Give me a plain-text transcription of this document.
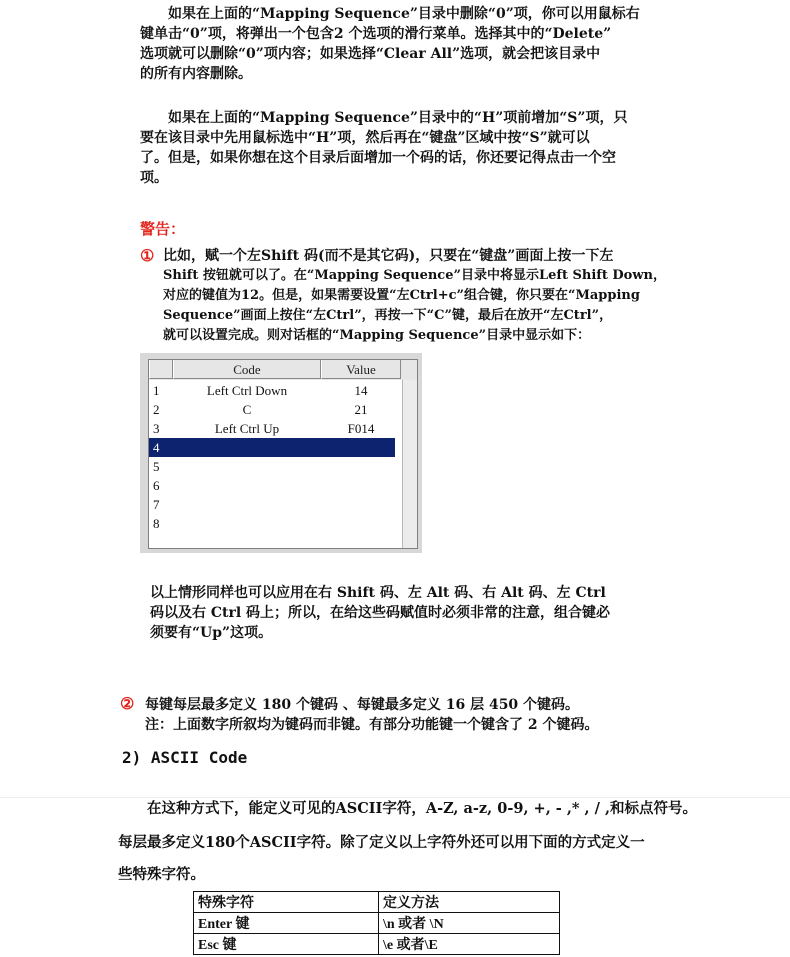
　　如果在上面的“Mapping Sequence”目录中删除“0”项，你可以用鼠标右

键单击“0”项，将弹出一个包含2 个选项的滑行菜单。选择其中的“Delete”

选项就可以删除“0”项内容；如果选择“Clear All”选项，就会把该目录中

的所有内容删除。

　　如果在上面的“Mapping Sequence”目录中的“H”项前增加“S”项，只

要在该目录中先用鼠标选中“H”项，然后再在“键盘”区域中按“S”就可以

了。但是，如果你想在这个目录后面增加一个码的话，你还要记得点击一个空

项。

警告：

① 比如，赋一个左Shift 码(而不是其它码)，只要在“键盘”画面上按一下左

Shift 按钮就可以了。在“Mapping Sequence”目录中将显示Left Shift Down，

对应的键值为12。但是，如果需要设置“左Ctrl+c”组合键，你只要在“Mapping

Sequence”画面上按住“左Ctrl”，再按一下“C”键，最后在放开“左Ctrl”，

就可以设置完成。则对话框的“Mapping Sequence”目录中显示如下：

Code	Value
1	Left Ctrl Down	14
2	C	21
3	Left Ctrl Up	F014
4
5
6
7
8

以上情形同样也可以应用在右 Shift 码、左 Alt 码、右 Alt 码、左 Ctrl

码以及右 Ctrl 码上；所以，在给这些码赋值时必须非常的注意，组合键必

须要有“Up”这项。

② 每键每层最多定义 180 个键码 、每键最多定义 16 层 450 个键码。

注：上面数字所叙均为键码而非键。有部分功能键一个键含了 2 个键码。

2) ASCII Code

　　在这种方式下，能定义可见的ASCII字符，A-Z, a-z, 0-9, +, - ,* , / ,和标点符号。

每层最多定义180个ASCII字符。除了定义以上字符外还可以用下面的方式定义一

些特殊字符。

特殊字符	定义方法
Enter 键	\n 或者 \N
Esc 键	\e 或者\E
